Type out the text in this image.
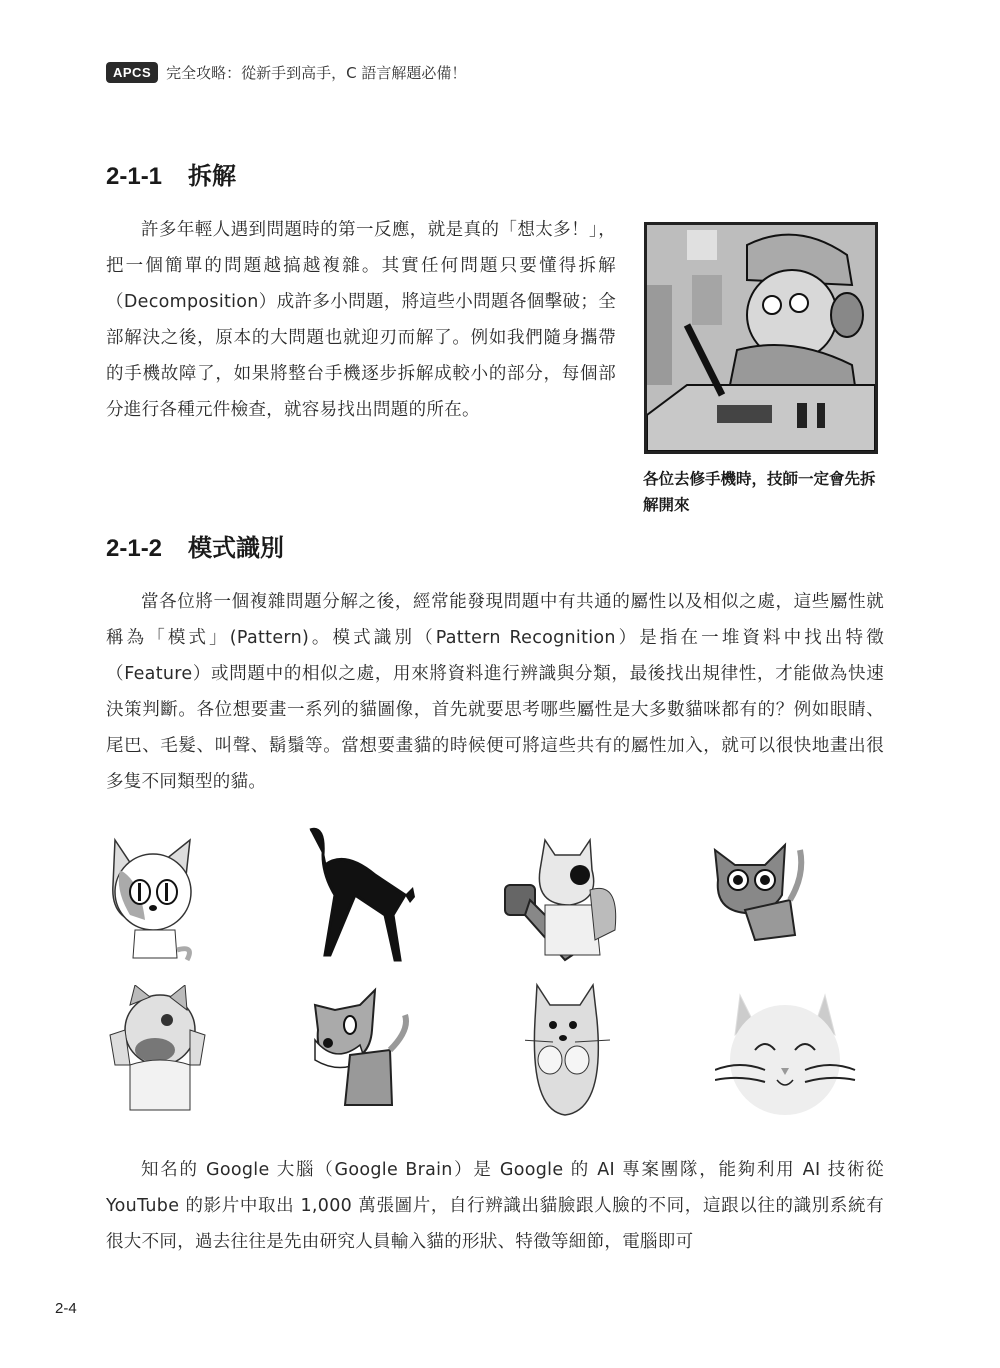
APCS	完全攻略：從新手到高手，C 語言解題必備！
2-1-1 拆解

許多年輕人遇到問題時的第一反應，就是真的「想太多！」，把一個簡單的問題越搞越複雜。其實任何問題只要懂得拆解（Decomposition）成許多小問題，將這些小問題各個擊破；全部解決之後，原本的大問題也就迎刃而解了。例如我們隨身攜帶的手機故障了，如果將整台手機逐步拆解成較小的部分，每個部分進行各種元件檢查，就容易找出問題的所在。

各位去修手機時，技師一定會先拆解開來

2-1-2 模式識別

當各位將一個複雜問題分解之後，經常能發現問題中有共通的屬性以及相似之處，這些屬性就稱為「模式」(Pattern)。模式識別（Pattern Recognition）是指在一堆資料中找出特徵（Feature）或問題中的相似之處，用來將資料進行辨識與分類，最後找出規律性，才能做為快速決策判斷。各位想要畫一系列的貓圖像，首先就要思考哪些屬性是大多數貓咪都有的？例如眼睛、尾巴、毛髮、叫聲、鬍鬚等。當想要畫貓的時候便可將這些共有的屬性加入，就可以很快地畫出很多隻不同類型的貓。

知名的 Google 大腦（Google Brain）是 Google 的 AI 專案團隊，能夠利用 AI 技術從 YouTube 的影片中取出 1,000 萬張圖片，自行辨識出貓臉跟人臉的不同，這跟以往的識別系統有很大不同，過去往往是先由研究人員輸入貓的形狀、特徵等細節，電腦即可

2-4
